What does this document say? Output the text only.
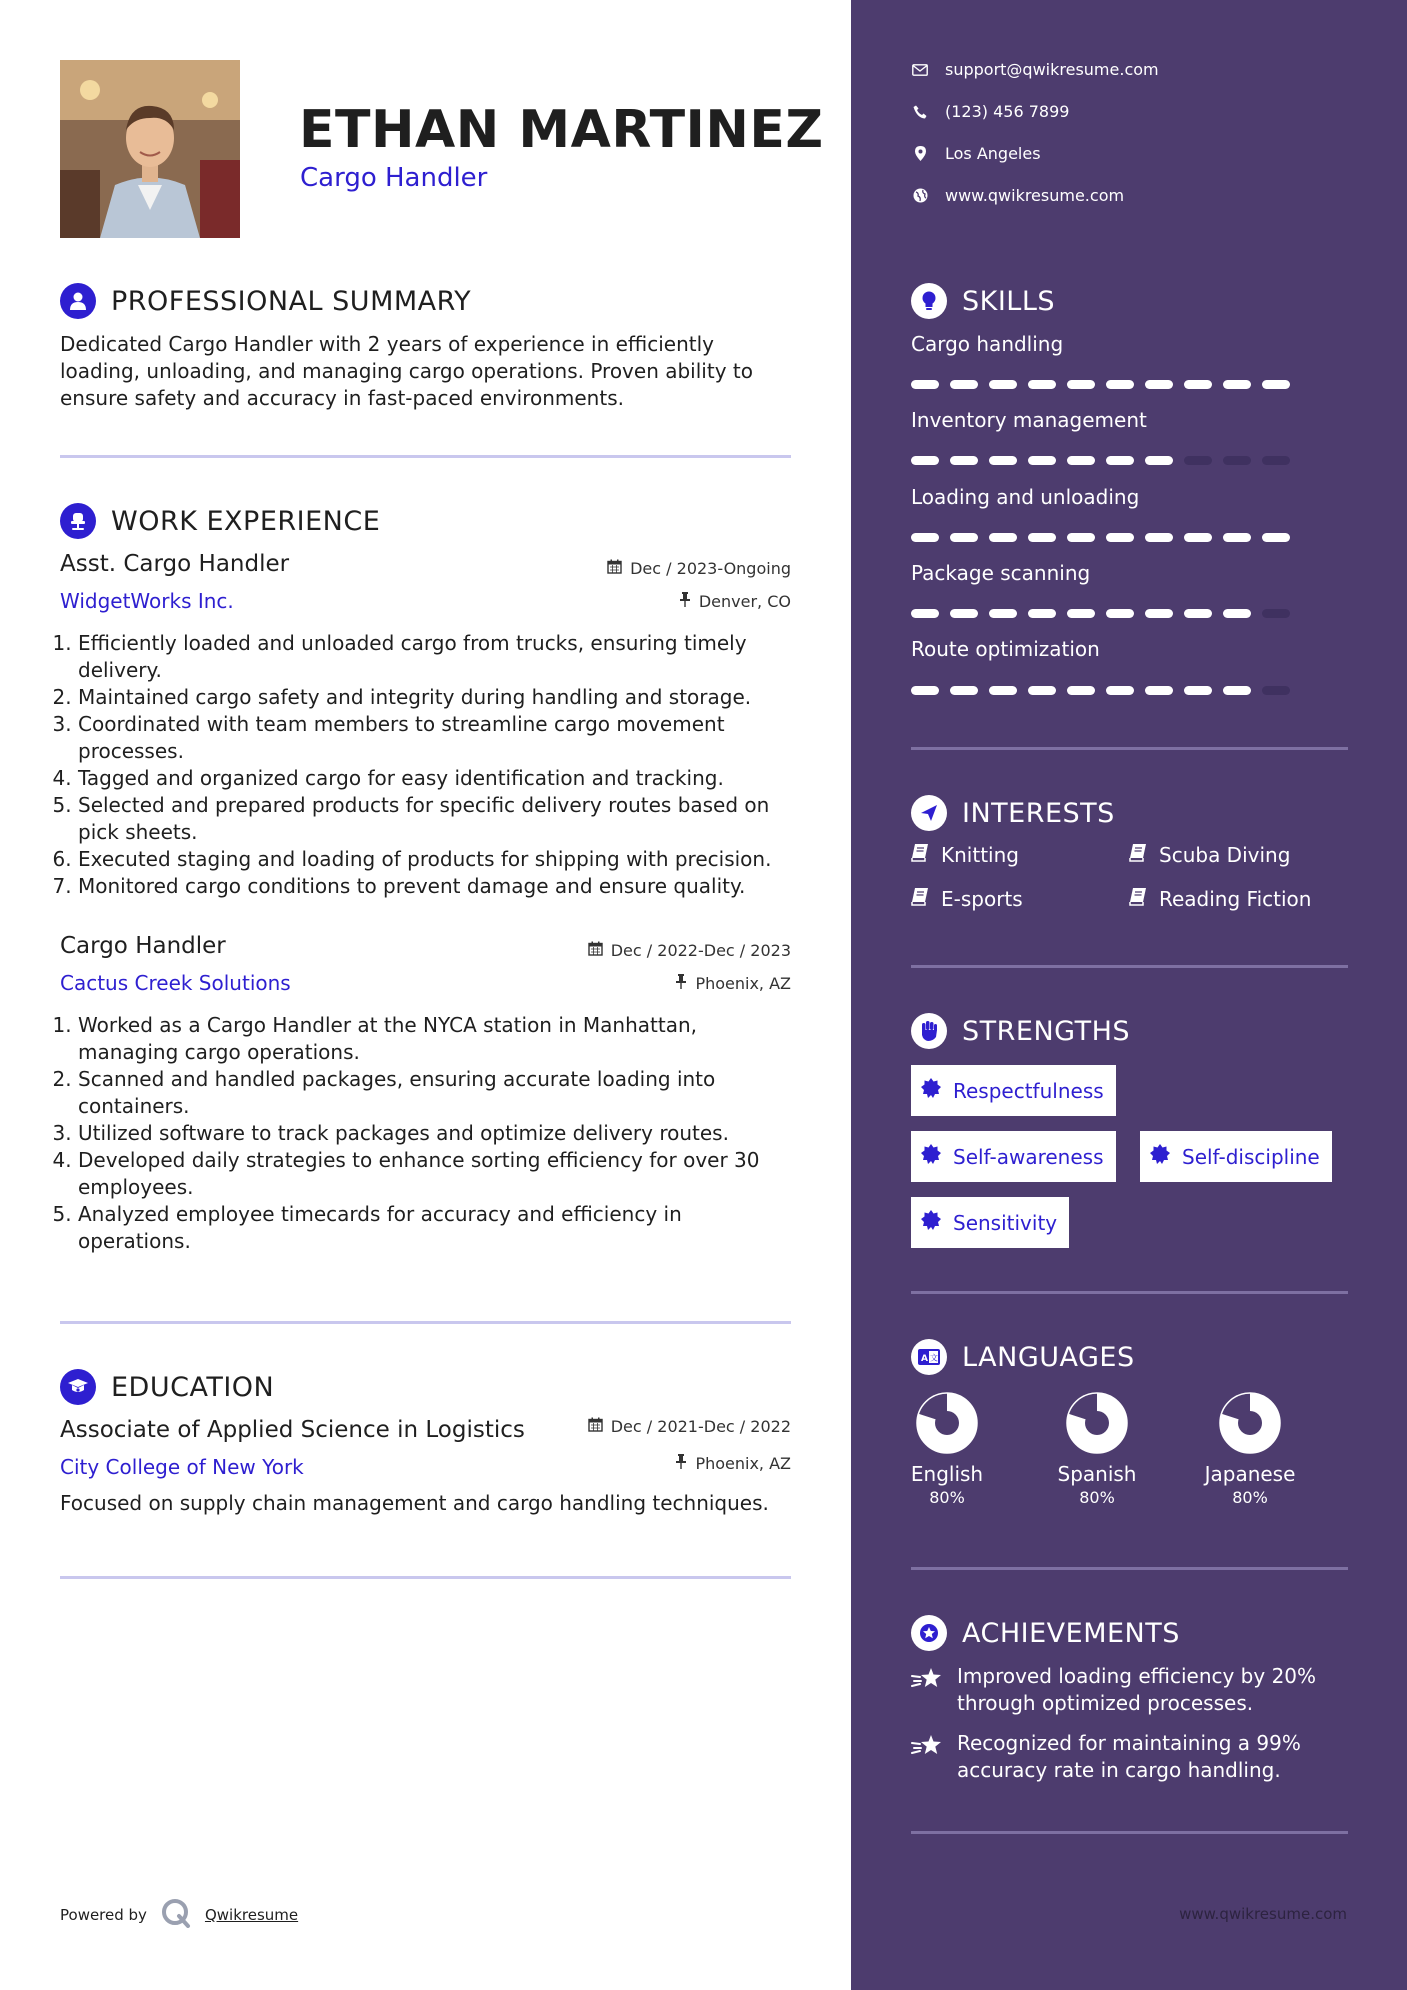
ETHAN MARTINEZ
Cargo Handler
PROFESSIONAL SUMMARY
Dedicated Cargo Handler with 2 years of experience in efficiently loading, unloading, and managing cargo operations. Proven ability to ensure safety and accuracy in fast-paced environments.
WORK EXPERIENCE
Asst. Cargo Handler	Dec / 2023-Ongoing
WidgetWorks Inc.	Denver, CO
1. Efficiently loaded and unloaded cargo from trucks, ensuring timely delivery.
2. Maintained cargo safety and integrity during handling and storage.
3. Coordinated with team members to streamline cargo movement processes.
4. Tagged and organized cargo for easy identification and tracking.
5. Selected and prepared products for specific delivery routes based on pick sheets.
6. Executed staging and loading of products for shipping with precision.
7. Monitored cargo conditions to prevent damage and ensure quality.
Cargo Handler	Dec / 2022-Dec / 2023
Cactus Creek Solutions	Phoenix, AZ
1. Worked as a Cargo Handler at the NYCA station in Manhattan, managing cargo operations.
2. Scanned and handled packages, ensuring accurate loading into containers.
3. Utilized software to track packages and optimize delivery routes.
4. Developed daily strategies to enhance sorting efficiency for over 30 employees.
5. Analyzed employee timecards for accuracy and efficiency in operations.
EDUCATION
Associate of Applied Science in Logistics	Dec / 2021-Dec / 2022
City College of New York	Phoenix, AZ
Focused on supply chain management and cargo handling techniques.
Powered by	Qwikresume
support@qwikresume.com
(123) 456 7899
Los Angeles
www.qwikresume.com
SKILLS
Cargo handling
Inventory management
Loading and unloading
Package scanning
Route optimization
INTERESTS
Knitting	Scuba Diving
E-sports	Reading Fiction
STRENGTHS
Respectfulness
Self-awareness	Self-discipline
Sensitivity
A 文 LANGUAGES
English
80%
Spanish
80%
Japanese
80%
ACHIEVEMENTS
Improved loading efficiency by 20% through optimized processes.
Recognized for maintaining a 99% accuracy rate in cargo handling.
www.qwikresume.com
